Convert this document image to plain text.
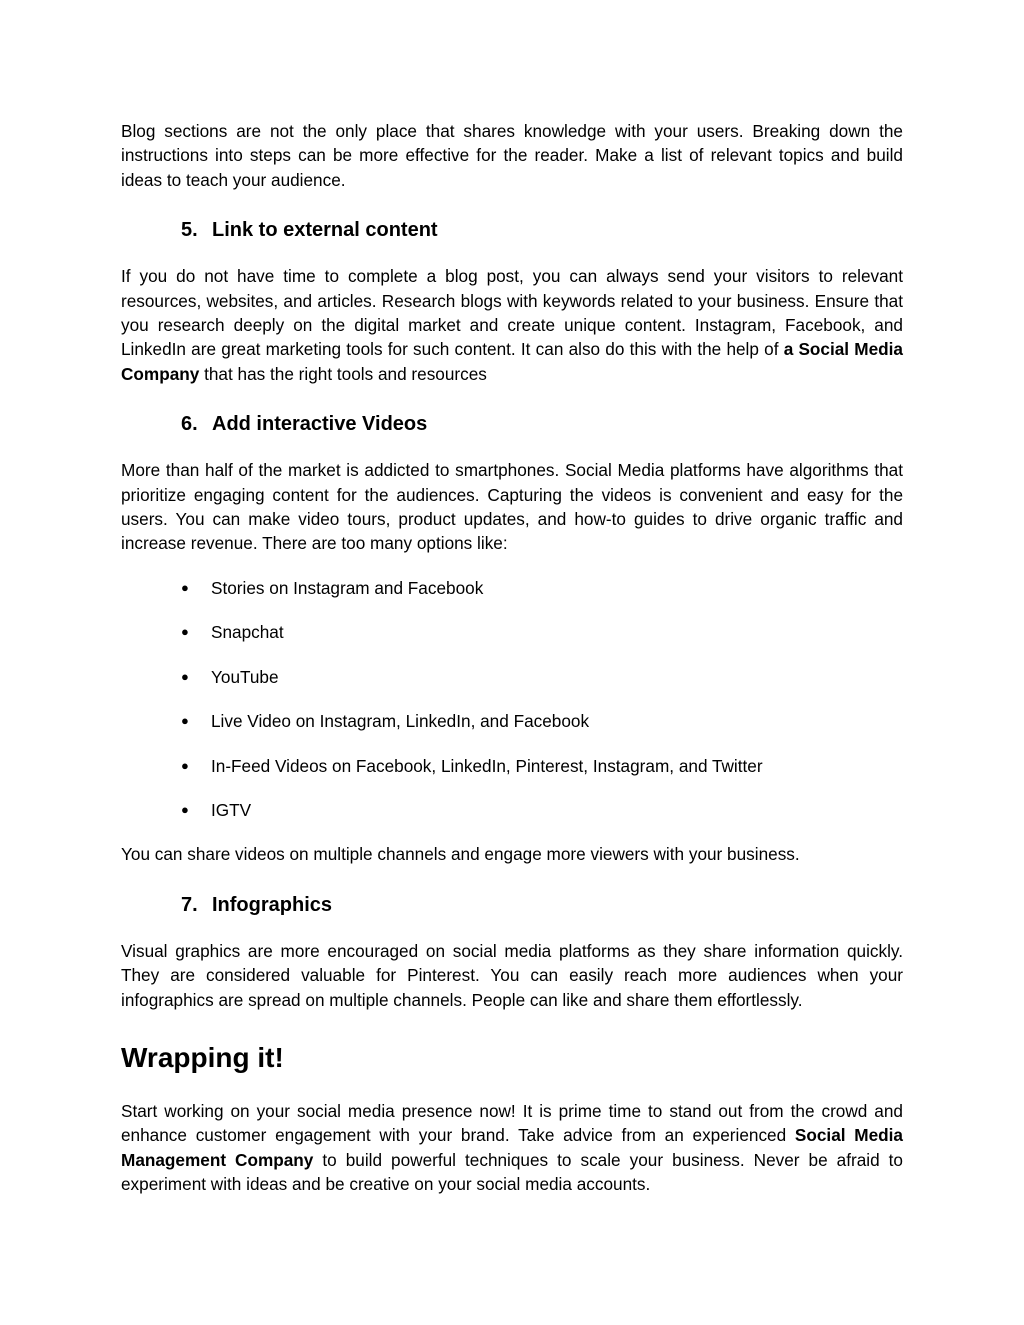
Blog sections are not the only place that shares knowledge with your users. Breaking down the instructions into steps can be more effective for the reader. Make a list of relevant topics and build ideas to teach your audience.

5. Link to external content

If you do not have time to complete a blog post, you can always send your visitors to relevant resources, websites, and articles. Research blogs with keywords related to your business. Ensure that you research deeply on the digital market and create unique content. Instagram, Facebook, and LinkedIn are great marketing tools for such content. It can also do this with the help of a Social Media Company that has the right tools and resources

6. Add interactive Videos

More than half of the market is addicted to smartphones. Social Media platforms have algorithms that prioritize engaging content for the audiences. Capturing the videos is convenient and easy for the users. You can make video tours, product updates, and how-to guides to drive organic traffic and increase revenue. There are too many options like:

●	Stories on Instagram and Facebook
●	Snapchat
●	YouTube
●	Live Video on Instagram, LinkedIn, and Facebook
●	In-Feed Videos on Facebook, LinkedIn, Pinterest, Instagram, and Twitter
●	IGTV

You can share videos on multiple channels and engage more viewers with your business.

7. Infographics

Visual graphics are more encouraged on social media platforms as they share information quickly. They are considered valuable for Pinterest. You can easily reach more audiences when your infographics are spread on multiple channels. People can like and share them effortlessly.

Wrapping it!

Start working on your social media presence now! It is prime time to stand out from the crowd and enhance customer engagement with your brand. Take advice from an experienced Social Media Management Company to build powerful techniques to scale your business. Never be afraid to experiment with ideas and be creative on your social media accounts.
